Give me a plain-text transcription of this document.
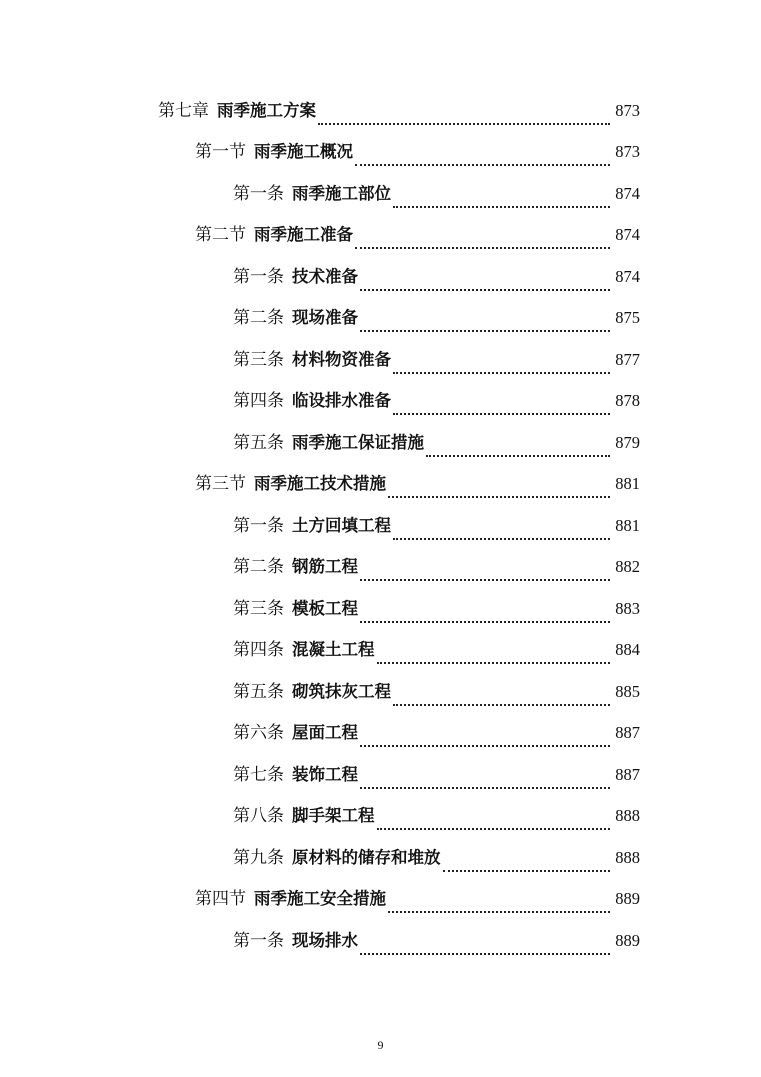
第七章 雨季施工方案	873
第一节 雨季施工概况	873
第一条 雨季施工部位	874
第二节 雨季施工准备	874
第一条 技术准备	874
第二条 现场准备	875
第三条 材料物资准备	877
第四条 临设排水准备	878
第五条 雨季施工保证措施	879
第三节 雨季施工技术措施	881
第一条 土方回填工程	881
第二条 钢筋工程	882
第三条 模板工程	883
第四条 混凝土工程	884
第五条 砌筑抹灰工程	885
第六条 屋面工程	887
第七条 装饰工程	887
第八条 脚手架工程	888
第九条 原材料的储存和堆放	888
第四节 雨季施工安全措施	889
第一条 现场排水	889
9
